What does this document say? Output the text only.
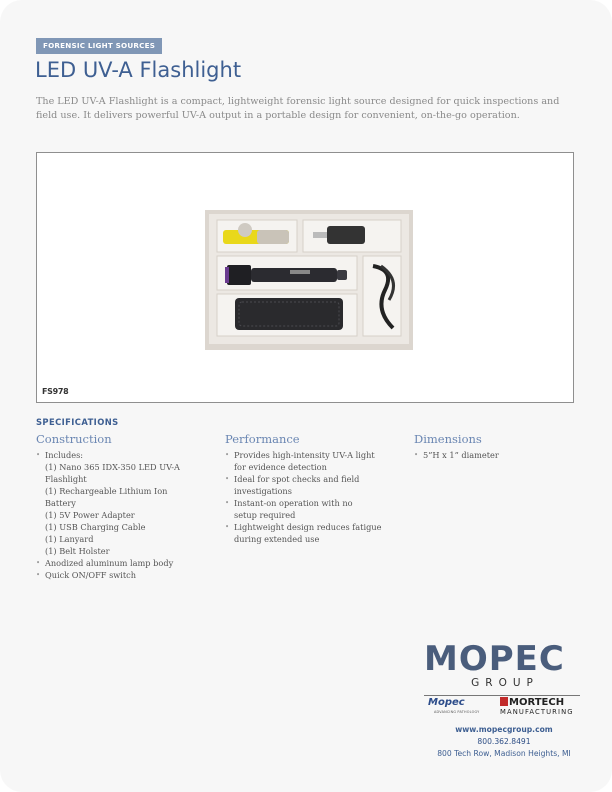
FORENSIC LIGHT SOURCES
LED UV-A Flashlight
The LED UV-A Flashlight is a compact, lightweight forensic light source designed for quick inspections and field use. It delivers powerful UV-A output in a portable design for convenient, on-the-go operation.
FS978
SPECIFICATIONS
Construction
• Includes:
(1) Nano 365 IDX-350 LED UV-A
Flashlight
(1) Rechargeable Lithium Ion
Battery
(1) 5V Power Adapter
(1) USB Charging Cable
(1) Lanyard
(1) Belt Holster
• Anodized aluminum lamp body
• Quick ON/OFF switch
Performance
• Provides high-intensity UV-A light
for evidence detection
• Ideal for spot checks and field
investigations
• Instant-on operation with no
setup required
• Lightweight design reduces fatigue
during extended use
Dimensions
• 5”H x 1” diameter
MOPEC
GROUP
Mopec
ADVANCING PATHOLOGY
MORTECH
MANUFACTURING
www.mopecgroup.com
800.362.8491
800 Tech Row, Madison Heights, MI
